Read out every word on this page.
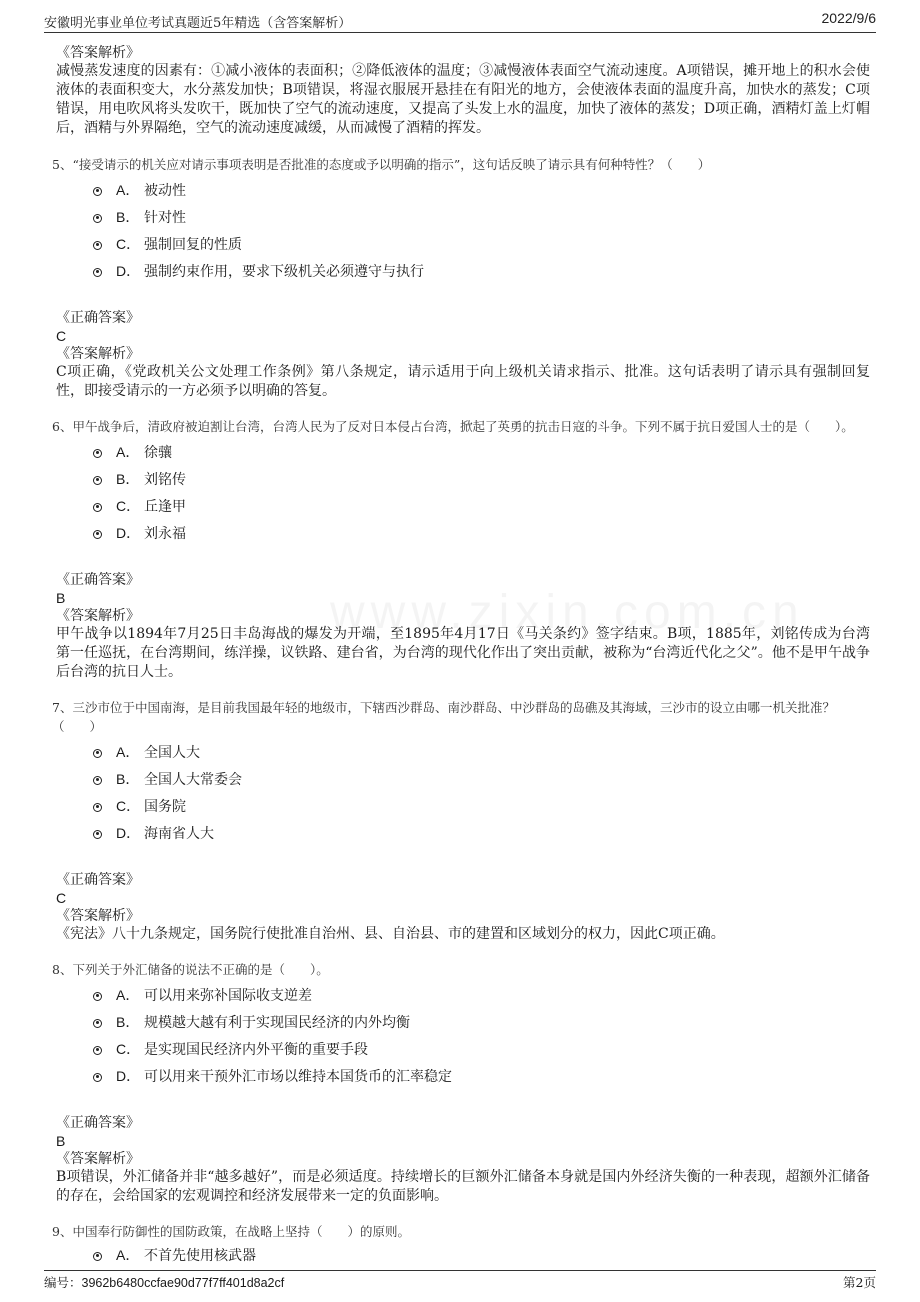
安徽明光事业单位考试真题近5年精选（含答案解析）	2022/9/6
《答案解析》
减慢蒸发速度的因素有：①减小液体的表面积；②降低液体的温度；③减慢液体表面空气流动速度。A项错误，摊开地上的积水会使液体的表面积变大，水分蒸发加快；B项错误，将湿衣服展开悬挂在有阳光的地方，会使液体表面的温度升高，加快水的蒸发；C项错误，用电吹风将头发吹干，既加快了空气的流动速度，又提高了头发上水的温度，加快了液体的蒸发；D项正确，酒精灯盖上灯帽后，酒精与外界隔绝，空气的流动速度减缓，从而减慢了酒精的挥发。
5、“接受请示的机关应对请示事项表明是否批准的态度或予以明确的指示”，这句话反映了请示具有何种特性？（　　）
A． 被动性
B． 针对性
C． 强制回复的性质
D． 强制约束作用，要求下级机关必须遵守与执行
《正确答案》
C
《答案解析》
C项正确，《党政机关公文处理工作条例》第八条规定，请示适用于向上级机关请求指示、批准。这句话表明了请示具有强制回复性，即接受请示的一方必须予以明确的答复。
6、甲午战争后，清政府被迫割让台湾，台湾人民为了反对日本侵占台湾，掀起了英勇的抗击日寇的斗争。下列不属于抗日爱国人士的是（　　）。
A． 徐骧
B． 刘铭传
C． 丘逢甲
D． 刘永福
《正确答案》
B
《答案解析》
甲午战争以1894年7月25日丰岛海战的爆发为开端，至1895年4月17日《马关条约》签字结束。B项，1885年，刘铭传成为台湾第一任巡抚，在台湾期间，练洋操，议铁路、建台省，为台湾的现代化作出了突出贡献，被称为“台湾近代化之父”。他不是甲午战争后台湾的抗日人士。
7、三沙市位于中国南海，是目前我国最年轻的地级市，下辖西沙群岛、南沙群岛、中沙群岛的岛礁及其海域，三沙市的设立由哪一机关批准？（　　）
A． 全国人大
B． 全国人大常委会
C． 国务院
D． 海南省人大
《正确答案》
C
《答案解析》
《宪法》八十九条规定，国务院行使批准自治州、县、自治县、市的建置和区域划分的权力，因此C项正确。
8、下列关于外汇储备的说法不正确的是（　　）。
A． 可以用来弥补国际收支逆差
B． 规模越大越有利于实现国民经济的内外均衡
C． 是实现国民经济内外平衡的重要手段
D． 可以用来干预外汇市场以维持本国货币的汇率稳定
《正确答案》
B
《答案解析》
B项错误，外汇储备并非“越多越好”，而是必须适度。持续增长的巨额外汇储备本身就是国内外经济失衡的一种表现，超额外汇储备的存在，会给国家的宏观调控和经济发展带来一定的负面影响。
9、中国奉行防御性的国防政策，在战略上坚持（　　）的原则。
A． 不首先使用核武器
编号：3962b6480ccfae90d77f7ff401d8a2cf	第2页
